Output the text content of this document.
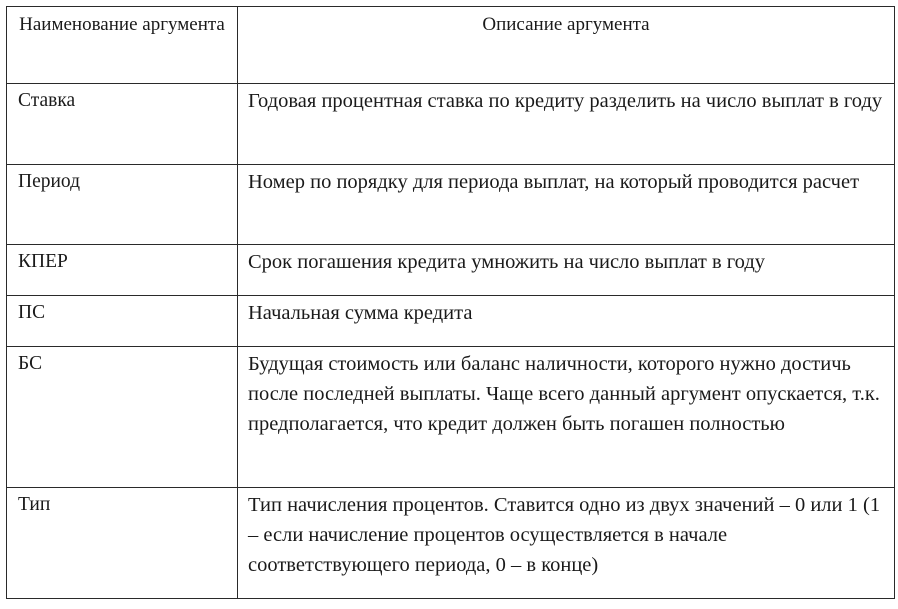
Наименование аргумента	Описание аргумента
Ставка	Годовая процентная ставка по кредиту разделить на число выплат в году
Период	Номер по порядку для периода выплат, на который проводится расчет
КПЕР	Срок погашения кредита умножить на число выплат в году
ПС	Начальная сумма кредита
БС	Будущая стоимость или баланс наличности, которого нужно достичь после последней выплаты. Чаще всего данный аргумент опускается, т.к. предполагается, что кредит должен быть погашен полностью
Тип	Тип начисления процентов. Ставится одно из двух значений – 0 или 1 (1 – если начисление процентов осуществляется в начале соответствующего периода, 0 – в конце)
